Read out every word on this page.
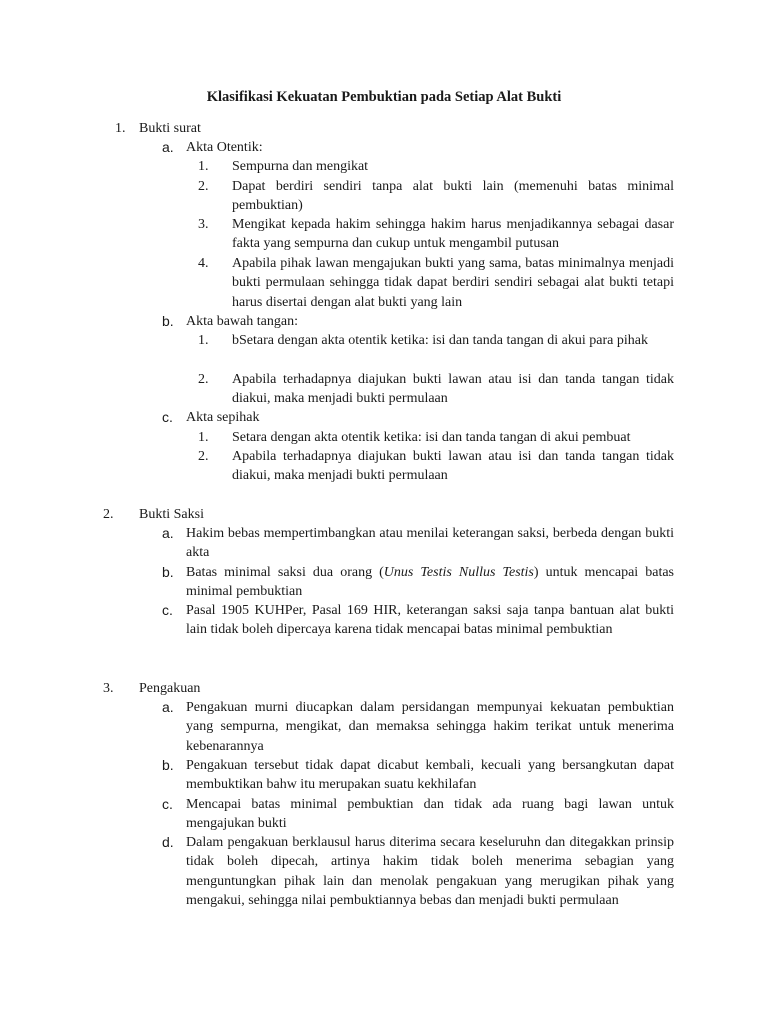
Klasifikasi Kekuatan Pembuktian pada Setiap Alat Bukti
1. Bukti surat
a. Akta Otentik:
1. Sempurna dan mengikat
2. Dapat berdiri sendiri tanpa alat bukti lain (memenuhi batas minimal pembuktian)
3. Mengikat kepada hakim sehingga hakim harus menjadikannya sebagai dasar fakta yang sempurna dan cukup untuk mengambil putusan
4. Apabila pihak lawan mengajukan bukti yang sama, batas minimalnya menjadi bukti permulaan sehingga tidak dapat berdiri sendiri sebagai alat bukti tetapi harus disertai dengan alat bukti yang lain
b. Akta bawah tangan:
1. bSetara dengan akta otentik ketika: isi dan tanda tangan di akui para pihak
2. Apabila terhadapnya diajukan bukti lawan atau isi dan tanda tangan tidak diakui, maka menjadi bukti permulaan
c. Akta sepihak
1. Setara dengan akta otentik ketika: isi dan tanda tangan di akui pembuat
2. Apabila terhadapnya diajukan bukti lawan atau isi dan tanda tangan tidak diakui, maka menjadi bukti permulaan
2. Bukti Saksi
a. Hakim bebas mempertimbangkan atau menilai keterangan saksi, berbeda dengan bukti akta
b. Batas minimal saksi dua orang (Unus Testis Nullus Testis) untuk mencapai batas minimal pembuktian
c. Pasal 1905 KUHPer, Pasal 169 HIR, keterangan saksi saja tanpa bantuan alat bukti lain tidak boleh dipercaya karena tidak mencapai batas minimal pembuktian
3. Pengakuan
a. Pengakuan murni diucapkan dalam persidangan mempunyai kekuatan pembuktian yang sempurna, mengikat, dan memaksa sehingga hakim terikat untuk menerima kebenarannya
b. Pengakuan tersebut tidak dapat dicabut kembali, kecuali yang bersangkutan dapat membuktikan bahw itu merupakan suatu kekhilafan
c. Mencapai batas minimal pembuktian dan tidak ada ruang bagi lawan untuk mengajukan bukti
d. Dalam pengakuan berklausul harus diterima secara keseluruhn dan ditegakkan prinsip tidak boleh dipecah, artinya hakim tidak boleh menerima sebagian yang menguntungkan pihak lain dan menolak pengakuan yang merugikan pihak yang mengakui, sehingga nilai pembuktiannya bebas dan menjadi bukti permulaan
